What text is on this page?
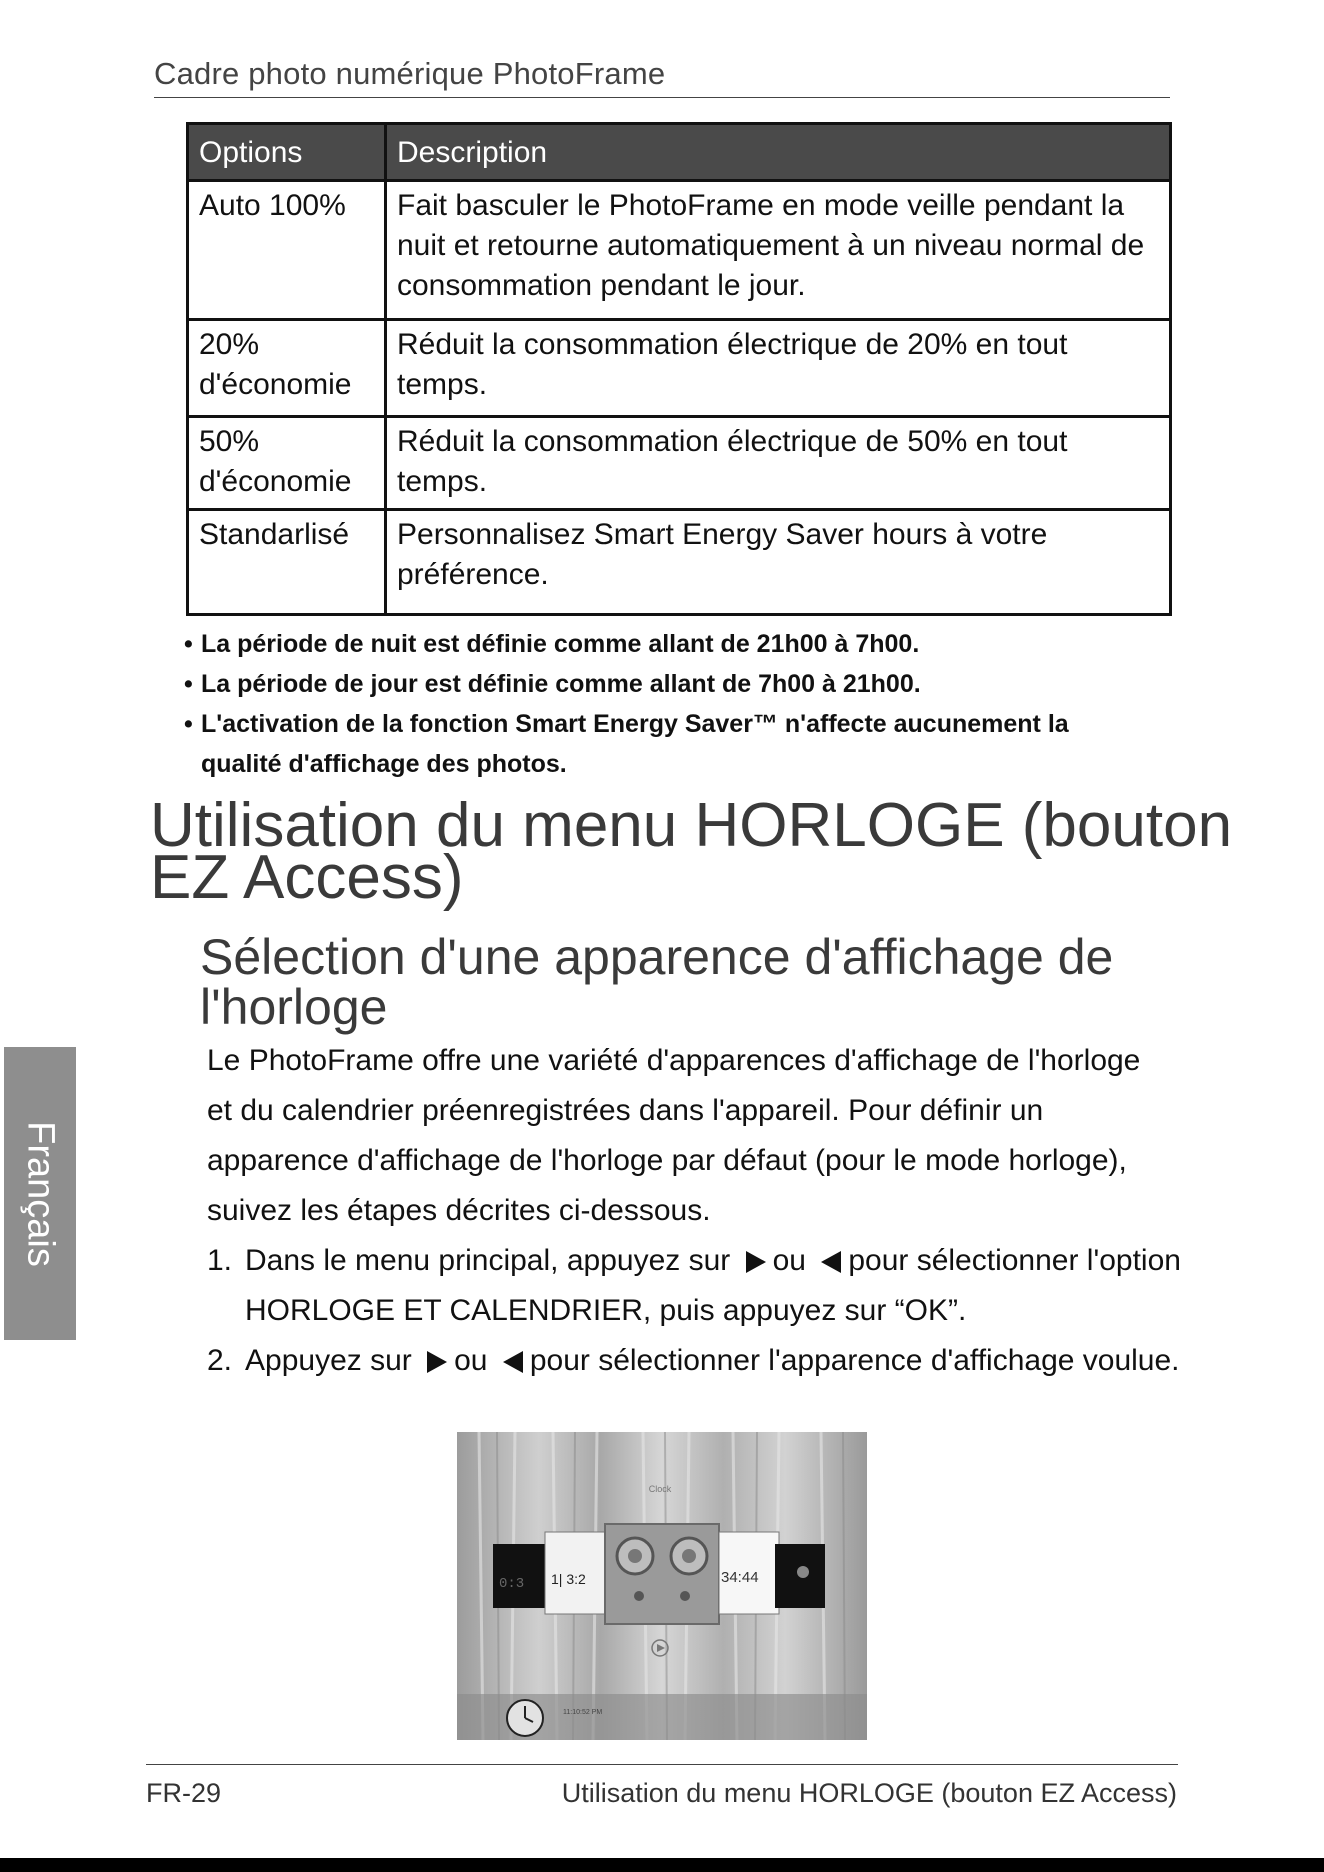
Cadre photo numérique PhotoFrame
Options	Description
Auto 100%	Fait basculer le PhotoFrame en mode veille pendant la nuit et retourne automatiquement à un niveau normal de consommation pendant le jour.
20% d'économie	Réduit la consommation électrique de 20% en tout temps.
50% d'économie	Réduit la consommation électrique de 50% en tout temps.
Standarlisé	Personnalisez Smart Energy Saver hours à votre préférence.
• La période de nuit est définie comme allant de 21h00 à 7h00.
• La période de jour est définie comme allant de 7h00 à 21h00.
• L'activation de la fonction Smart Energy Saver™ n'affecte aucunement la qualité d'affichage des photos.
Utilisation du menu HORLOGE (bouton EZ Access)
Sélection d'une apparence d'affichage de l'horloge

Le PhotoFrame offre une variété d'apparences d'affichage de l'horloge et du calendrier préenregistrées dans l'appareil. Pour définir un apparence d'affichage de l'horloge par défaut (pour le mode horloge), suivez les étapes décrites ci-dessous.

1. Dans le menu principal, appuyez sur ou pour sélectionner l'option HORLOGE ET CALENDRIER, puis appuyez sur “OK”.
2. Appuyez sur ou pour sélectionner l'apparence d'affichage voulue.
Clock
0:3 1| 3:2	34:44
11:10:52 PM
Français
FR-29	Utilisation du menu HORLOGE (bouton EZ Access)
